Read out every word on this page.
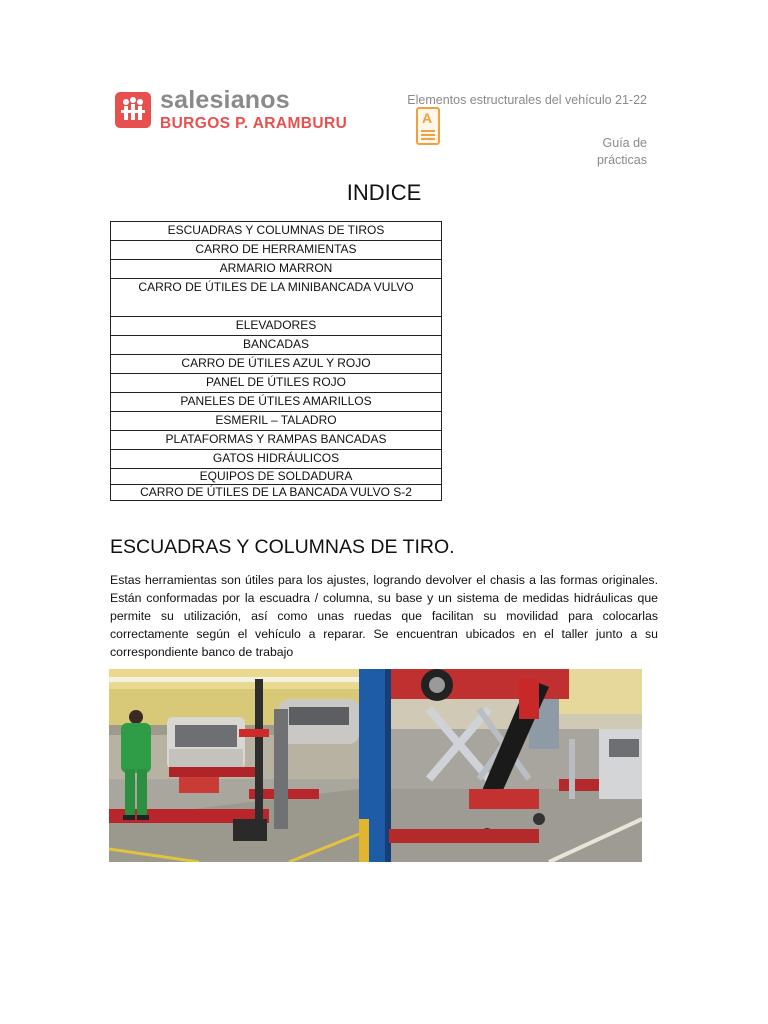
salesianos
BURGOS P. ARAMBURU
Elementos estructurales del vehículo 21-22
A
Guía de
prácticas
INDICE
ESCUADRAS Y COLUMNAS DE TIROS
CARRO DE HERRAMIENTAS
ARMARIO MARRON
CARRO DE ÚTILES DE LA MINIBANCADA VULVO
ELEVADORES
BANCADAS
CARRO DE ÚTILES AZUL Y ROJO
PANEL DE ÚTILES ROJO
PANELES DE ÚTILES AMARILLOS
ESMERIL – TALADRO
PLATAFORMAS Y RAMPAS BANCADAS
GATOS HIDRÁULICOS
EQUIPOS DE SOLDADURA
CARRO DE ÚTILES DE LA BANCADA VULVO S-2
ESCUADRAS Y COLUMNAS DE TIRO.
Estas herramientas son útiles para los ajustes, logrando devolver el chasis a las formas originales. Están conformadas por la escuadra / columna, su base y un sistema de medidas hidráulicas que permite su utilización, así como unas ruedas que facilitan su movilidad para colocarlas correctamente según el vehículo a reparar. Se encuentran ubicados en el taller junto a su correspondiente banco de trabajo
